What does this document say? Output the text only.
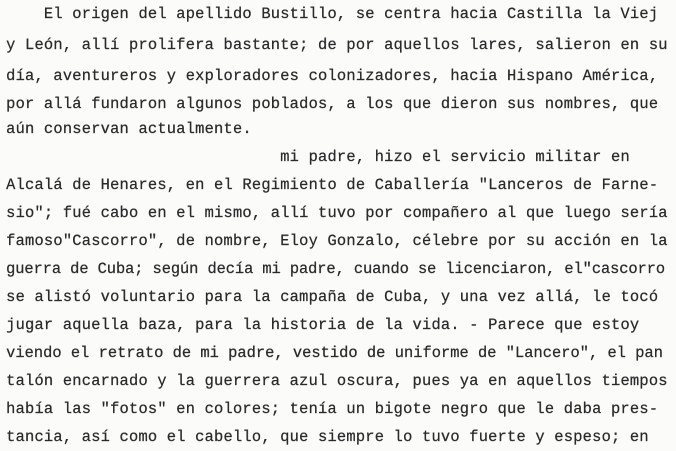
El origen del apellido Bustillo, se centra hacia Castilla la Viej
y León, allí prolifera bastante; de por aquellos lares, salieron en su
día, aventureros y exploradores colonizadores, hacia Hispano América,
por allá fundaron algunos poblados, a los que dieron sus nombres, que
aún conservan actualmente.
mi padre, hizo el servicio militar en
Alcalá de Henares, en el Regimiento de Caballería "Lanceros de Farne-
sio"; fué cabo en el mismo, allí tuvo por compañero al que luego sería
famoso"Cascorro", de nombre, Eloy Gonzalo, célebre por su acción en la
guerra de Cuba; según decía mi padre, cuando se licenciaron, el"cascorro
se alistó voluntario para la campaña de Cuba, y una vez allá, le tocó
jugar aquella baza, para la historia de la vida. - Parece que estoy
viendo el retrato de mi padre, vestido de uniforme de "Lancero", el pan
talón encarnado y la guerrera azul oscura, pues ya en aquellos tiempos
había las "fotos" en colores; tenía un bigote negro que le daba pres-
tancia, así como el cabello, que siempre lo tuvo fuerte y espeso; en
